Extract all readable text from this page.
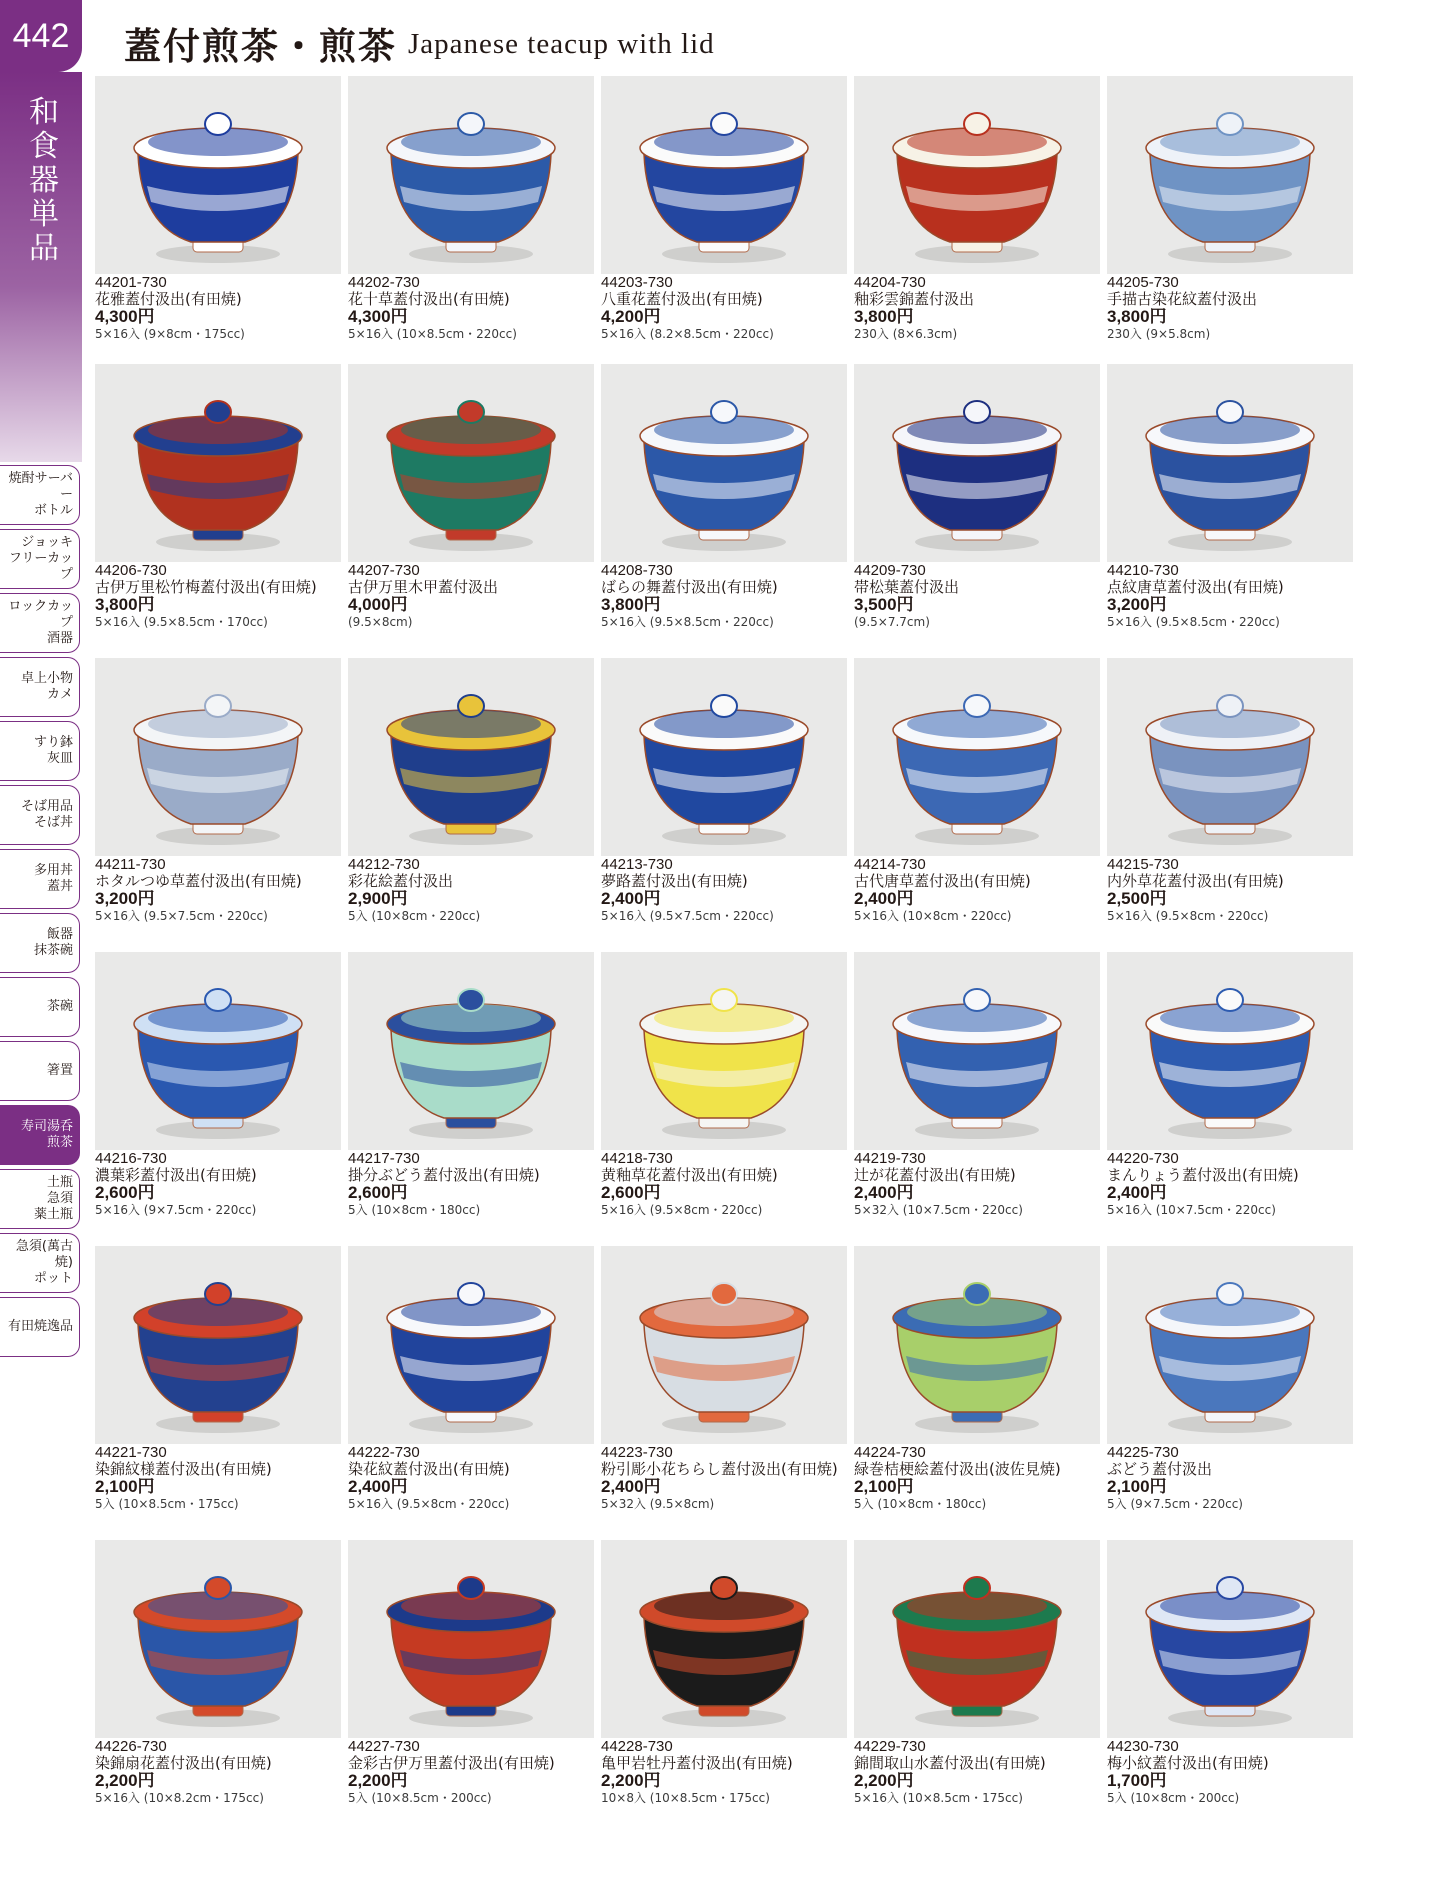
442	蓋付煎茶・煎茶 Japanese teacup with lid
和
食
器
単
品
焼酎サーバー
ボトル
ジョッキ
フリーカップ
ロックカップ
酒器
卓上小物
カメ
すり鉢
灰皿
そば用品
そば丼
多用丼
蓋丼
飯器
抹茶碗
茶碗
箸置
寿司湯呑
煎茶
土瓶
急須
薬土瓶
急須(萬古焼)
ポット
有田焼逸品
44201-730
花雅蓋付汲出(有田焼)
4,300円
5×16入 (9×8cm・175cc)
44202-730
花十草蓋付汲出(有田焼)
4,300円
5×16入 (10×8.5cm・220cc)
44203-730
八重花蓋付汲出(有田焼)
4,200円
5×16入 (8.2×8.5cm・220cc)
44204-730
釉彩雲錦蓋付汲出
3,800円
230入 (8×6.3cm)
44205-730
手描古染花紋蓋付汲出
3,800円
230入 (9×5.8cm)
44206-730
古伊万里松竹梅蓋付汲出(有田焼)
3,800円
5×16入 (9.5×8.5cm・170cc)
44207-730
古伊万里木甲蓋付汲出
4,000円
(9.5×8cm)
44208-730
ばらの舞蓋付汲出(有田焼)
3,800円
5×16入 (9.5×8.5cm・220cc)
44209-730
帯松葉蓋付汲出
3,500円
(9.5×7.7cm)
44210-730
点紋唐草蓋付汲出(有田焼)
3,200円
5×16入 (9.5×8.5cm・220cc)
44211-730
ホタルつゆ草蓋付汲出(有田焼)
3,200円
5×16入 (9.5×7.5cm・220cc)
44212-730
彩花絵蓋付汲出
2,900円
5入 (10×8cm・220cc)
44213-730
夢路蓋付汲出(有田焼)
2,400円
5×16入 (9.5×7.5cm・220cc)
44214-730
古代唐草蓋付汲出(有田焼)
2,400円
5×16入 (10×8cm・220cc)
44215-730
内外草花蓋付汲出(有田焼)
2,500円
5×16入 (9.5×8cm・220cc)
44216-730
濃葉彩蓋付汲出(有田焼)
2,600円
5×16入 (9×7.5cm・220cc)
44217-730
掛分ぶどう蓋付汲出(有田焼)
2,600円
5入 (10×8cm・180cc)
44218-730
黄釉草花蓋付汲出(有田焼)
2,600円
5×16入 (9.5×8cm・220cc)
44219-730
辻が花蓋付汲出(有田焼)
2,400円
5×32入 (10×7.5cm・220cc)
44220-730
まんりょう蓋付汲出(有田焼)
2,400円
5×16入 (10×7.5cm・220cc)
44221-730
染錦紋様蓋付汲出(有田焼)
2,100円
5入 (10×8.5cm・175cc)
44222-730
染花紋蓋付汲出(有田焼)
2,400円
5×16入 (9.5×8cm・220cc)
44223-730
粉引彫小花ちらし蓋付汲出(有田焼)
2,400円
5×32入 (9.5×8cm)
44224-730
緑巻桔梗絵蓋付汲出(波佐見焼)
2,100円
5入 (10×8cm・180cc)
44225-730
ぶどう蓋付汲出
2,100円
5入 (9×7.5cm・220cc)
44226-730
染錦扇花蓋付汲出(有田焼)
2,200円
5×16入 (10×8.2cm・175cc)
44227-730
金彩古伊万里蓋付汲出(有田焼)
2,200円
5入 (10×8.5cm・200cc)
44228-730
亀甲岩牡丹蓋付汲出(有田焼)
2,200円
10×8入 (10×8.5cm・175cc)
44229-730
錦間取山水蓋付汲出(有田焼)
2,200円
5×16入 (10×8.5cm・175cc)
44230-730
梅小紋蓋付汲出(有田焼)
1,700円
5入 (10×8cm・200cc)
